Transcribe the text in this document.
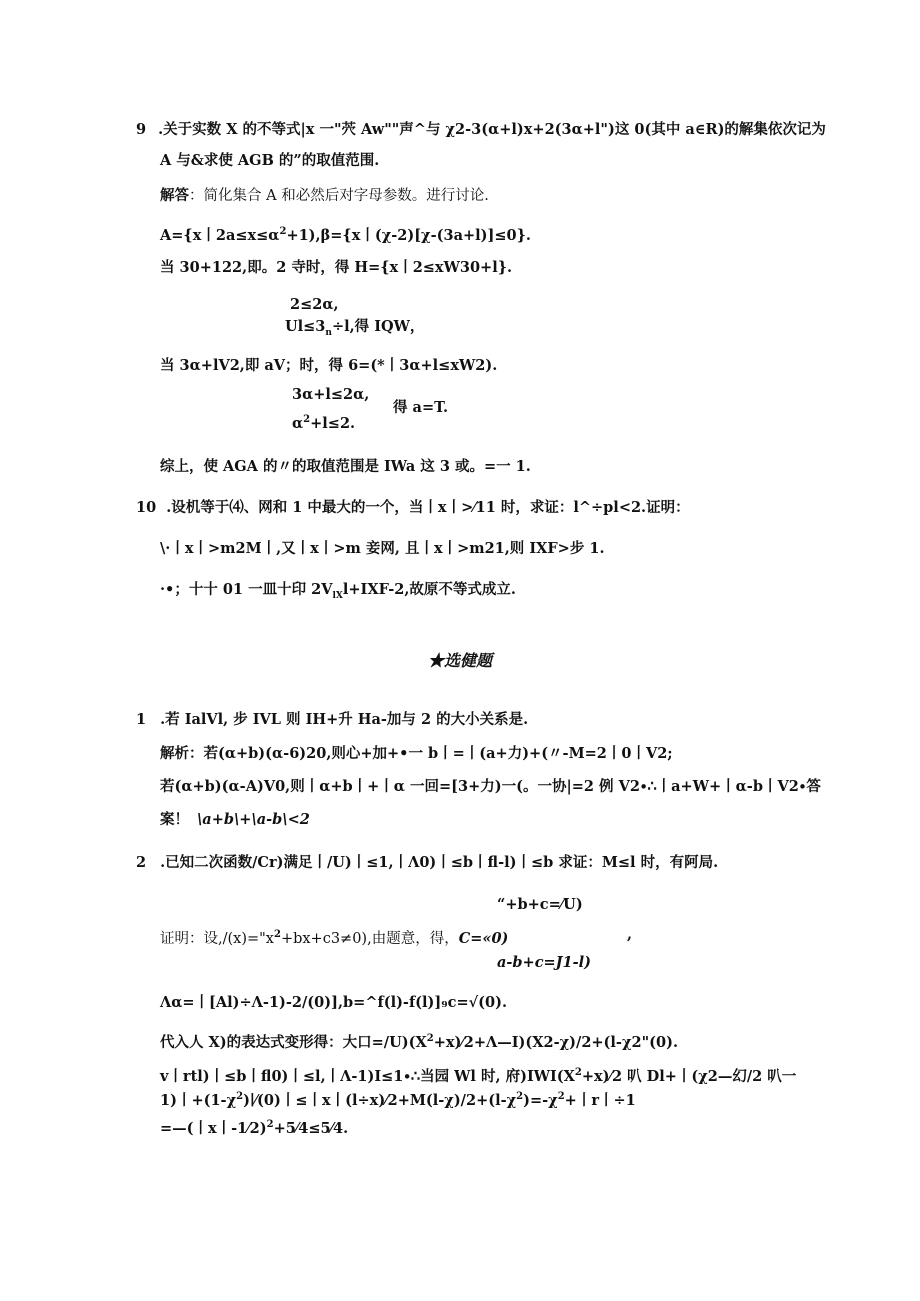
9 .关于实数 X 的不等式|x 一"茓 Aw""声^与 χ2-3(α+l)x+2(3α+l")这 0(其中 a∈R)的解集依次记为
A 与&求使 AGB 的”的取值范围.
解答：简化集合 A 和必然后对字母参数。进行讨论.
A={x丨$2a\le x\le\alpha^2+1),\beta=\{x$丨(χ-2)[χ-(3a+l)]≤0}.
当 30+122,即。2 寺时，得 H={x丨2≤xW30+l}.
2≤2α,
$Ul\le 3_n\div l$,得 IQW，
当 3α+lV2,即 aV；时，得 6=(*丨3α+l≤xW2).
3α+l≤2α,
$\alpha^2+l\le 2$.
得 a=T.
综上，使 AGA 的〃的取值范围是 IWa 这 3 或。=一 1.
10 .设机等于⑷、网和 1 中最大的一个，当丨x丨>⁄11 时，求证：l^÷pl<2.证明：
\·丨x丨>m2M丨,又丨x丨>m 妾网, 且丨x丨>m21,则 IXF>步 1.
·•；十十 01 一皿十印 $2V_{lX}l+IXF-2$,故原不等式成立.
★选健题
1 .若 IalVl, 步 IVL 则 IH+升 Ha-加与 2 的大小关系是.
解析：若(α+b)(α-6)20,则心+加+•一 b丨=丨(a+力)+(〃-M=2丨0丨V2;
若(α+b)(α-A)V0,则丨α+b丨+丨α 一回=[3+力)一(。一协|=2 例 V2∙∴丨a+W+丨α-b丨V2∙答
案！ \a+b\+\a-b\<2
2 .已知二次函数/Cr)满足丨/U)丨≤1,丨Λ0)丨≤b丨fl-l)丨≤b 求证：M≤l 时，有阿局.
“+b+c=⁄U)
证明：设$,/(x)="x^2+bx+c3\ne 0$),由题意，得，C=«0)	,
a-b+c=J1-l)
Λα=丨[Al)÷Λ-1)-2/(0)],b=^f(l)-f(l)]₉c=√(0).
代入人 X)的表达式变形得：大口$=/U)(X^2+x)⁄2+\Lambda—I)(X2-\chi)/2+(l-\chi 2"(0)$.
v丨rtl)丨≤b丨fl0)丨≤l,丨Λ-1)I≤1∙∴当园 Wl 时, 府)$IWI(X^2+x)⁄2$ 叭 Dl+丨(χ2—幻/2 叭一
1)丨$+(1-\chi^2)∣⁄(0)$丨≤丨x丨$(l\div x)⁄2+M(l-\chi)/2+(l-\chi^2)=-\chi^2+$丨r丨÷1
=—(丨x丨-1⁄2)$^2$+5⁄4≤5⁄4.
